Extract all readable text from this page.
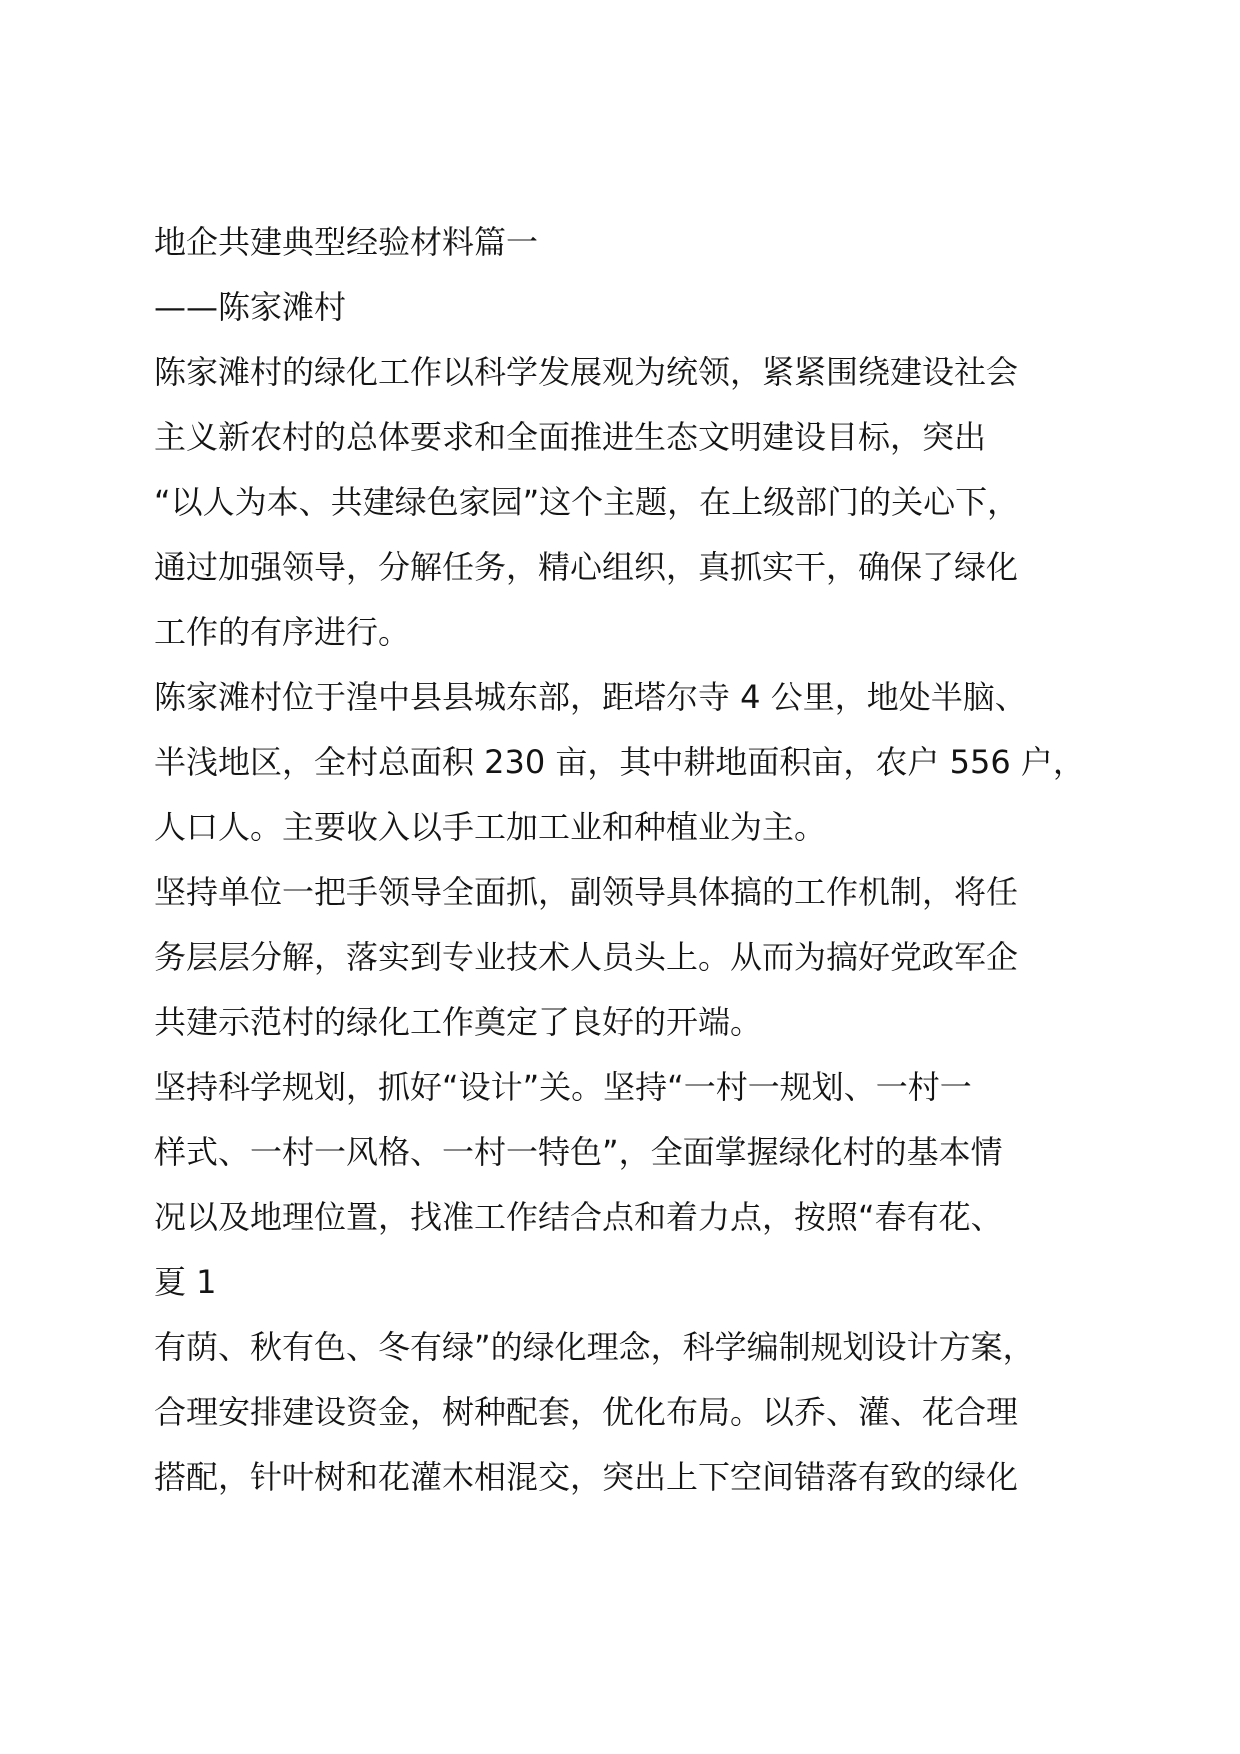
地企共建典型经验材料篇一
——陈家滩村
陈家滩村的绿化工作以科学发展观为统领，紧紧围绕建设社会
主义新农村的总体要求和全面推进生态文明建设目标，突出
“以人为本、共建绿色家园”这个主题，在上级部门的关心下，
通过加强领导，分解任务，精心组织，真抓实干，确保了绿化
工作的有序进行。
陈家滩村位于湟中县县城东部，距塔尔寺 4 公里，地处半脑、
半浅地区，全村总面积 230 亩，其中耕地面积亩，农户 556 户，
人口人。主要收入以手工加工业和种植业为主。
坚持单位一把手领导全面抓，副领导具体搞的工作机制，将任
务层层分解，落实到专业技术人员头上。从而为搞好党政军企
共建示范村的绿化工作奠定了良好的开端。
坚持科学规划，抓好“设计”关。坚持“一村一规划、一村一
样式、一村一风格、一村一特色”，全面掌握绿化村的基本情
况以及地理位置，找准工作结合点和着力点，按照“春有花、
夏 1
有荫、秋有色、冬有绿”的绿化理念，科学编制规划设计方案，
合理安排建设资金，树种配套，优化布局。以乔、灌、花合理
搭配，针叶树和花灌木相混交，突出上下空间错落有致的绿化
